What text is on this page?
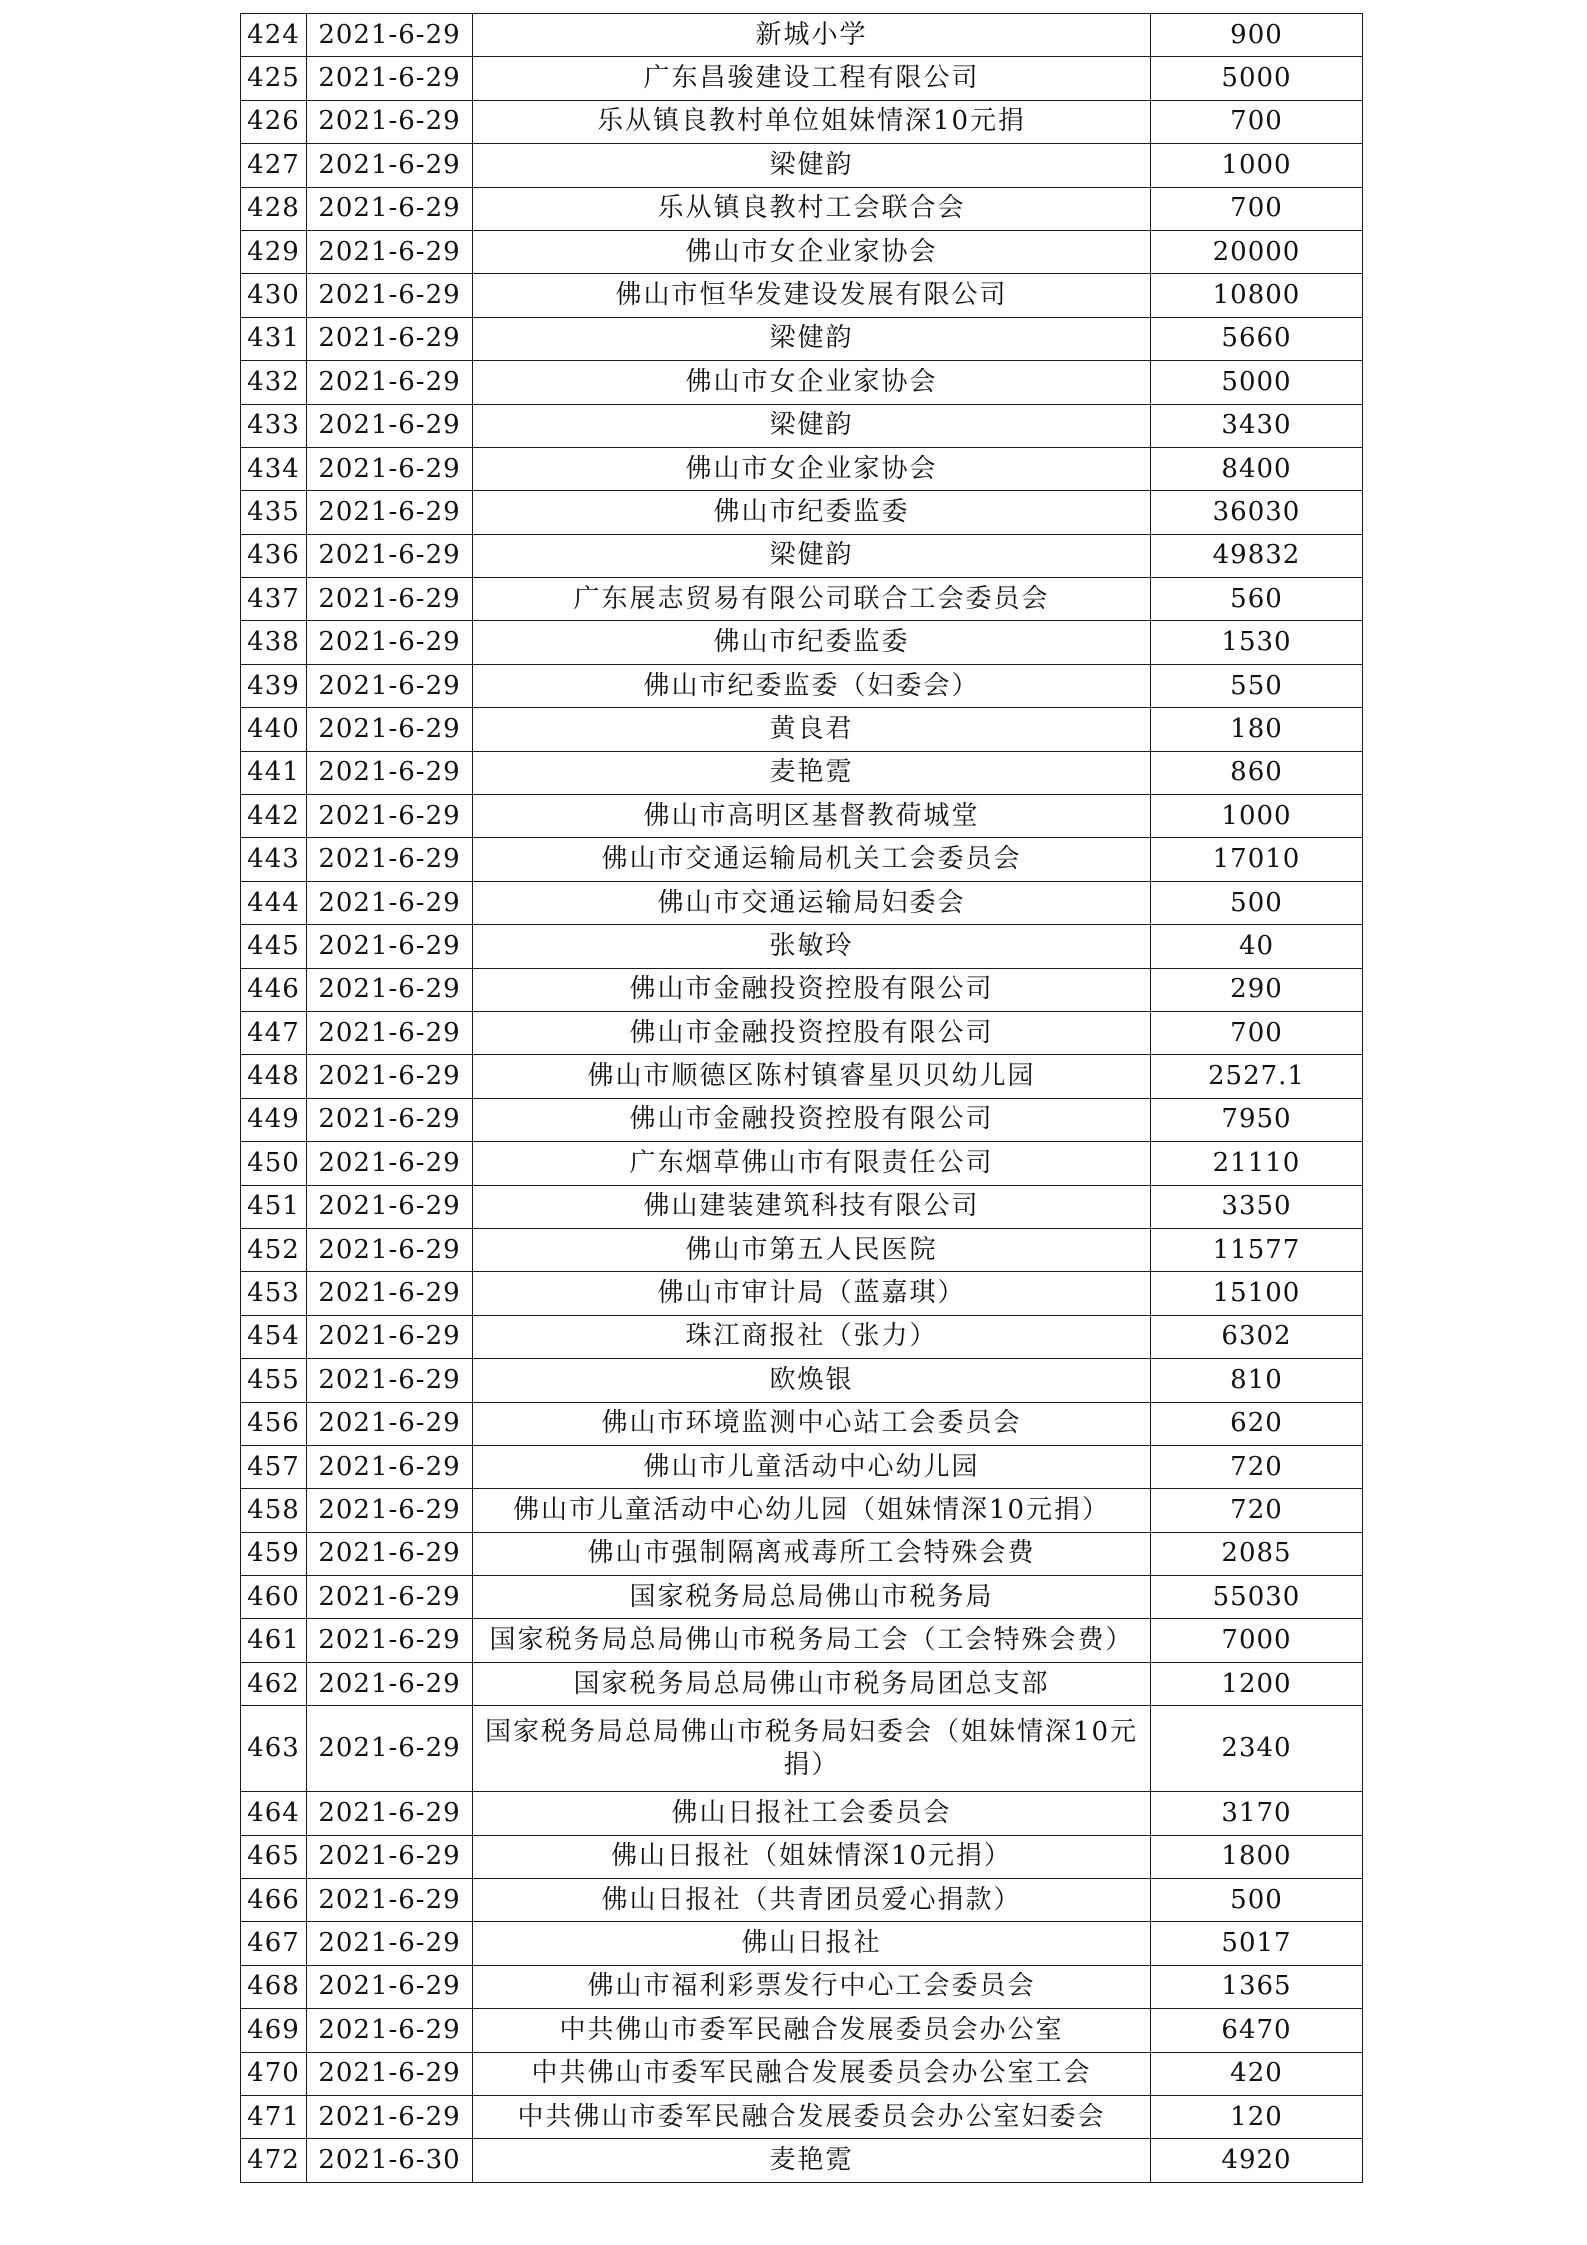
424	2021-6-29	新城小学	900
425	2021-6-29	广东昌骏建设工程有限公司	5000
426	2021-6-29	乐从镇良教村单位姐妹情深10元捐	700
427	2021-6-29	梁健韵	1000
428	2021-6-29	乐从镇良教村工会联合会	700
429	2021-6-29	佛山市女企业家协会	20000
430	2021-6-29	佛山市恒华发建设发展有限公司	10800
431	2021-6-29	梁健韵	5660
432	2021-6-29	佛山市女企业家协会	5000
433	2021-6-29	梁健韵	3430
434	2021-6-29	佛山市女企业家协会	8400
435	2021-6-29	佛山市纪委监委	36030
436	2021-6-29	梁健韵	49832
437	2021-6-29	广东展志贸易有限公司联合工会委员会	560
438	2021-6-29	佛山市纪委监委	1530
439	2021-6-29	佛山市纪委监委（妇委会）	550
440	2021-6-29	黄良君	180
441	2021-6-29	麦艳霓	860
442	2021-6-29	佛山市高明区基督教荷城堂	1000
443	2021-6-29	佛山市交通运输局机关工会委员会	17010
444	2021-6-29	佛山市交通运输局妇委会	500
445	2021-6-29	张敏玲	40
446	2021-6-29	佛山市金融投资控股有限公司	290
447	2021-6-29	佛山市金融投资控股有限公司	700
448	2021-6-29	佛山市顺德区陈村镇睿星贝贝幼儿园	2527.1
449	2021-6-29	佛山市金融投资控股有限公司	7950
450	2021-6-29	广东烟草佛山市有限责任公司	21110
451	2021-6-29	佛山建装建筑科技有限公司	3350
452	2021-6-29	佛山市第五人民医院	11577
453	2021-6-29	佛山市审计局（蓝嘉琪）	15100
454	2021-6-29	珠江商报社（张力）	6302
455	2021-6-29	欧焕银	810
456	2021-6-29	佛山市环境监测中心站工会委员会	620
457	2021-6-29	佛山市儿童活动中心幼儿园	720
458	2021-6-29	佛山市儿童活动中心幼儿园（姐妹情深10元捐）	720
459	2021-6-29	佛山市强制隔离戒毒所工会特殊会费	2085
460	2021-6-29	国家税务局总局佛山市税务局	55030
461	2021-6-29	国家税务局总局佛山市税务局工会（工会特殊会费）	7000
462	2021-6-29	国家税务局总局佛山市税务局团总支部	1200
463	2021-6-29	国家税务局总局佛山市税务局妇委会（姐妹情深10元捐）	2340
464	2021-6-29	佛山日报社工会委员会	3170
465	2021-6-29	佛山日报社（姐妹情深10元捐）	1800
466	2021-6-29	佛山日报社（共青团员爱心捐款）	500
467	2021-6-29	佛山日报社	5017
468	2021-6-29	佛山市福利彩票发行中心工会委员会	1365
469	2021-6-29	中共佛山市委军民融合发展委员会办公室	6470
470	2021-6-29	中共佛山市委军民融合发展委员会办公室工会	420
471	2021-6-29	中共佛山市委军民融合发展委员会办公室妇委会	120
472	2021-6-30	麦艳霓	4920
